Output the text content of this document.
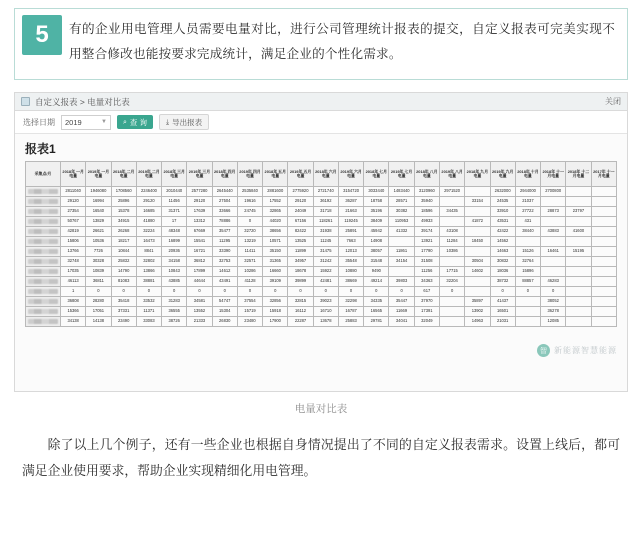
5	有的企业用电管理人员需要电量对比，进行公司管理统计报表的提交，自定义报表可完美实现不用整合修改也能按要求完成统计，满足企业的个性化需求。
自定义报表 > 电量对比表	关闭
选择日期 2019	▼ ⌕ 查 询	⤓ 导出报表
报表1
采集点/月	2018年 一月电量	2019年 一月电量	2018年 二月电量	2019年 二月电量	2018年 三月电量	2019年 三月电量	2018年 四月电量	2019年 四月电量	2018年 五月电量	2019年 五月电量	2018年 六月电量	2019年 六月电量	2018年 七月电量	2019年 七月电量	2018年 八月电量	2019年 八月电量	2018年 九月电量	2019年 九月电量	2018年 十月电量	2018年 十一月电量	2018年 十二月电量	2017年 十一月电量

	2811040	1946080	1708560	2246400	2010440	2577280	2645440	2535840	2881600	2775920	2721740	3154720	3033440	1483440	3120960	2971520		2632000	2944000	2700800		

	29120	16994	25896	29120	11456	29120	27504	19616	17552	29120	36192	36287	18758	28571	35940		33154	24535	21037			

	27354	16540	15378	16685	31371	17639	33666	24745	32865	24049	31718	21663	35196	30382	18596	34435		33910	27722	28873	23797	

	50767	13829	34915	41880	17	13312	78886	0	44020	67156	118261	119245	38409	110953	49933		41872	43531	431			

	42819	26621	26268	32224	48348	67669	35477	32720	38656	82422	31938	25891	45942	41332	39174	43108		42422	38440	43883	41600	

	15806	10536	18217	16473	16899	15541	11295	13219	10571	13525	11245	7663	14908		13921	11284	18450	14562				

	13766	7726	10844	8841	20936	16721	33390	11411	35150	11899	31475	12013	38057	11861	17790	10386		14663	15126	16461	15195	

	32748	30328	25832	32802	34158	36812	32753	32571	31365	34957	31242	35548	31548	34154	31508		30504	30832	32764			

	17035	10839	14790	13866	10843	17899	14612	10286	16660	18678	15922	10880	9490		11256	17715	14602	18036	15896			

	46113	36811	81083	38881	43885	44644	43491	41128	39109	39899	42481	38669	49214	39803	34363	32204		38732	88857	46283		

	1	0	0	0	0	0	0	0	0	0	0	0	0	0	617	0		0	0	0		

	36808	28280	35418	33532	31283	34581	54747	37554	32856	32815	39023	32298	34335	35447	37970		35897	41437		38052		

	15366	17051	37331	11371	36555	13552	15304	15719	15918	16112	16710	16787	16565	11669	17391		13902	16501		36278		

	34138	14138	23490	33083	38726	21333	26830	23480	17900	22287	13678	25883	29781	34041	32049		14963	21031		12085		
智 新能源智慧能源
电量对比表
除了以上几个例子，还有一些企业也根据自身情况提出了不同的自定义报表需求。设置上线后，都可满足企业使用要求，帮助企业实现精细化用电管理。
